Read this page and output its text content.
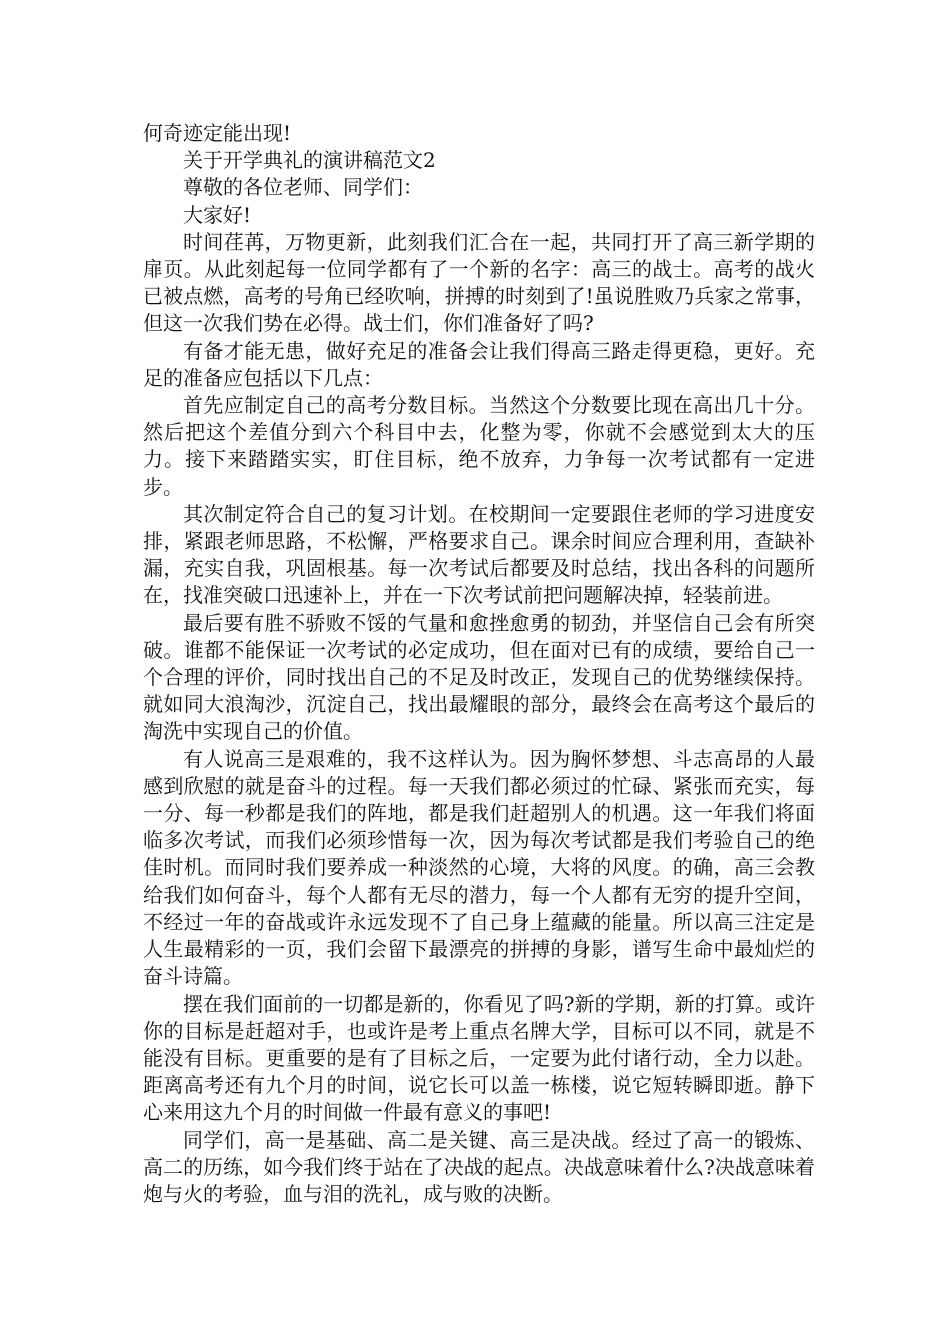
何奇迹定能出现!

关于开学典礼的演讲稿范文2

尊敬的各位老师、同学们：

大家好!

时间荏苒，万物更新，此刻我们汇合在一起，共同打开了高三新学期的扉页。从此刻起每一位同学都有了一个新的名字：高三的战士。高考的战火已被点燃，高考的号角已经吹响，拼搏的时刻到了!虽说胜败乃兵家之常事，但这一次我们势在必得。战士们，你们准备好了吗?

有备才能无患，做好充足的准备会让我们得高三路走得更稳，更好。充足的准备应包括以下几点：

首先应制定自己的高考分数目标。当然这个分数要比现在高出几十分。然后把这个差值分到六个科目中去，化整为零，你就不会感觉到太大的压力。接下来踏踏实实，盯住目标，绝不放弃，力争每一次考试都有一定进步。

其次制定符合自己的复习计划。在校期间一定要跟住老师的学习进度安排，紧跟老师思路，不松懈，严格要求自己。课余时间应合理利用，查缺补漏，充实自我，巩固根基。每一次考试后都要及时总结，找出各科的问题所在，找准突破口迅速补上，并在一下次考试前把问题解决掉，轻装前进。

最后要有胜不骄败不馁的气量和愈挫愈勇的韧劲，并坚信自己会有所突破。谁都不能保证一次考试的必定成功，但在面对已有的成绩，要给自己一个合理的评价，同时找出自己的不足及时改正，发现自己的优势继续保持。就如同大浪淘沙，沉淀自己，找出最耀眼的部分，最终会在高考这个最后的淘洗中实现自己的价值。

有人说高三是艰难的，我不这样认为。因为胸怀梦想、斗志高昂的人最感到欣慰的就是奋斗的过程。每一天我们都必须过的忙碌、紧张而充实，每一分、每一秒都是我们的阵地，都是我们赶超别人的机遇。这一年我们将面临多次考试，而我们必须珍惜每一次，因为每次考试都是我们考验自己的绝佳时机。而同时我们要养成一种淡然的心境，大将的风度。的确，高三会教给我们如何奋斗，每个人都有无尽的潜力，每一个人都有无穷的提升空间，不经过一年的奋战或许永远发现不了自己身上蕴藏的能量。所以高三注定是人生最精彩的一页，我们会留下最漂亮的拼搏的身影，谱写生命中最灿烂的奋斗诗篇。

摆在我们面前的一切都是新的，你看见了吗?新的学期，新的打算。或许你的目标是赶超对手，也或许是考上重点名牌大学，目标可以不同，就是不能没有目标。更重要的是有了目标之后，一定要为此付诸行动，全力以赴。距离高考还有九个月的时间，说它长可以盖一栋楼，说它短转瞬即逝。静下心来用这九个月的时间做一件最有意义的事吧!

同学们，高一是基础、高二是关键、高三是决战。经过了高一的锻炼、高二的历练，如今我们终于站在了决战的起点。决战意味着什么?决战意味着炮与火的考验，血与泪的洗礼，成与败的决断。
